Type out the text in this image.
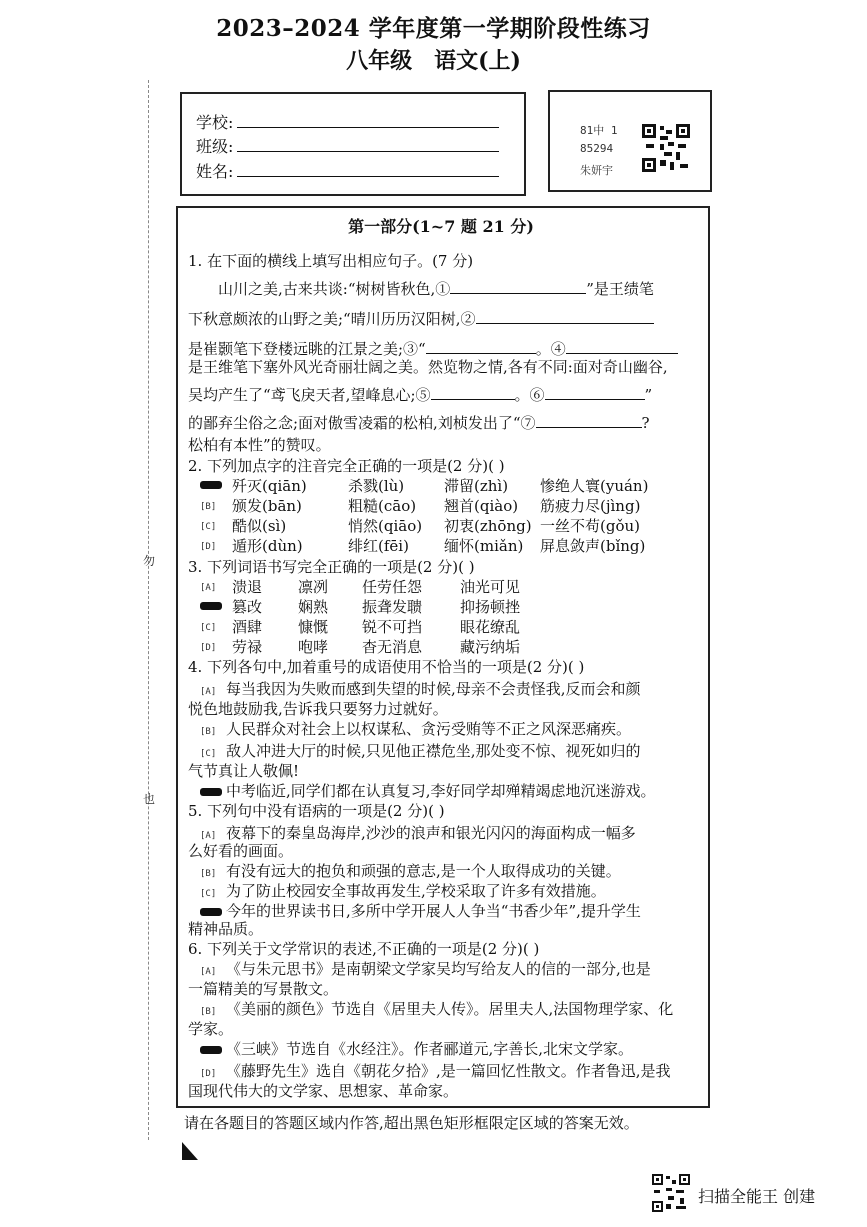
2023–2024 学年度第一学期阶段性练习
八年级 语文(上)
勿
也
学校:
班级:
姓名:
81中 1
85294
朱妍宇
第一部分(1~7 题 21 分)
1. 在下面的横线上填写出相应句子。(7 分)
山川之美,古来共谈:“树树皆秋色,①	”是王绩笔
下秋意颇浓的山野之美;“晴川历历汉阳树,②
是崔颢笔下登楼远眺的江景之美;③“	。④
是王维笔下塞外风光奇丽壮阔之美。然览物之情,各有不同:面对奇山幽谷,
吴均产生了“鸢飞戾天者,望峰息心;⑤	。⑥	”
的鄙弃尘俗之念;面对傲雪凌霜的松柏,刘桢发出了“⑦	?
松柏有本性”的赞叹。
2. 下列加点字的注音完全正确的一项是(2 分)( )
歼灭(qiān)	杀戮(lù)	滞留(zhì) 惨绝人寰(yuán)
[B]	颁发(bān)	粗糙(cāo) 翘首(qiào) 筋疲力尽(jìng)
[C]	酷似(sì)	悄然(qiāo) 初衷(zhōng) 一丝不苟(gǒu)
[D]	遁形(dùn)	绯红(fēi) 缅怀(miǎn) 屏息敛声(bǐng)
3. 下列词语书写完全正确的一项是(2 分)( )
[A]	溃退 凛冽 任劳任怨	油光可见
篡改 娴熟 振聋发聩	抑扬顿挫
[C]	酒肆 慷慨 锐不可挡	眼花缭乱
[D]	劳禄 咆哮 杳无消息	藏污纳垢
4. 下列各句中,加着重号的成语使用不恰当的一项是(2 分)( )
[A] 每当我因为失败而感到失望的时候,母亲不会责怪我,反而会和颜
悦色地鼓励我,告诉我只要努力过就好。
[B] 人民群众对社会上以权谋私、贪污受贿等不正之风深恶痛疾。
[C] 敌人冲进大厅的时候,只见他正襟危坐,那处变不惊、视死如归的
气节真让人敬佩!
中考临近,同学们都在认真复习,李好同学却殚精竭虑地沉迷游戏。
5. 下列句中没有语病的一项是(2 分)( )
[A] 夜幕下的秦皇岛海岸,沙沙的浪声和银光闪闪的海面构成一幅多
么好看的画面。
[B] 有没有远大的抱负和顽强的意志,是一个人取得成功的关键。
[C] 为了防止校园安全事故再发生,学校采取了许多有效措施。
今年的世界读书日,多所中学开展人人争当“书香少年”,提升学生
精神品质。
6. 下列关于文学常识的表述,不正确的一项是(2 分)( )
[A] 《与朱元思书》是南朝梁文学家吴均写给友人的信的一部分,也是
一篇精美的写景散文。
[B] 《美丽的颜色》节选自《居里夫人传》。居里夫人,法国物理学家、化
学家。
《三峡》节选自《水经注》。作者郦道元,字善长,北宋文学家。
[D] 《藤野先生》选自《朝花夕拾》,是一篇回忆性散文。作者鲁迅,是我
国现代伟大的文学家、思想家、革命家。
请在各题目的答题区域内作答,超出黑色矩形框限定区域的答案无效。
扫描全能王 创建
